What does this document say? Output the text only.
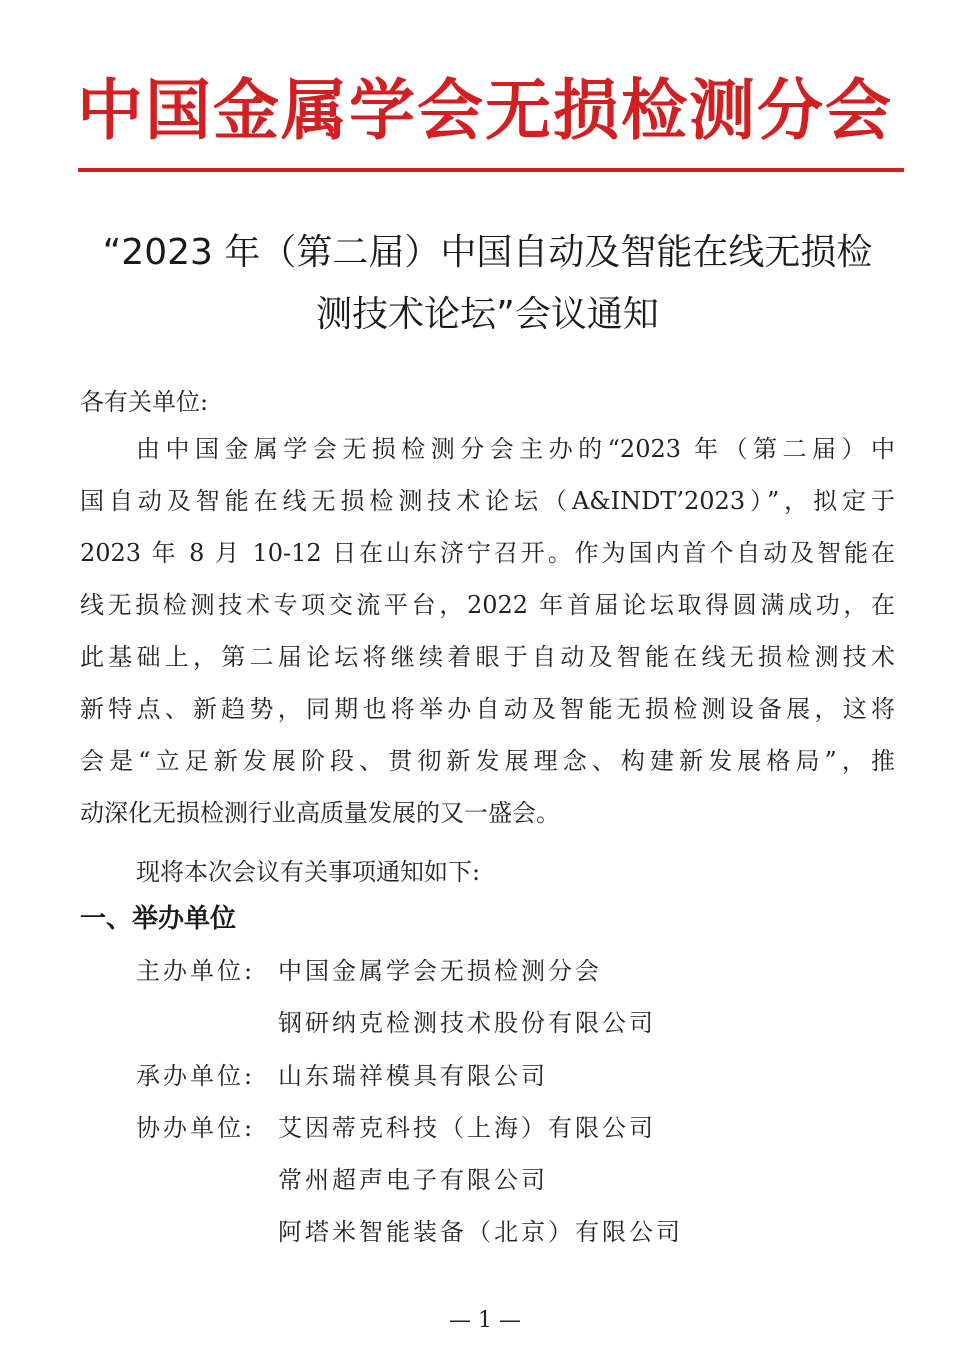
中国金属学会无损检测分会
“2023 年（第二届）中国自动及智能在线无损检
测技术论坛”会议通知
各有关单位:
由中国金属学会无损检测分会主办的“2023 年（第二届）中
国自动及智能在线无损检测技术论坛（A&INDT’2023）”，拟定于
2023 年 8 月 10-12 日在山东济宁召开。作为国内首个自动及智能在
线无损检测技术专项交流平台，2022 年首届论坛取得圆满成功，在
此基础上，第二届论坛将继续着眼于自动及智能在线无损检测技术
新特点、新趋势，同期也将举办自动及智能无损检测设备展，这将
会是“立足新发展阶段、贯彻新发展理念、构建新发展格局”，推
动深化无损检测行业高质量发展的又一盛会。
现将本次会议有关事项通知如下:
一、举办单位
主办单位: 中国金属学会无损检测分会
钢研纳克检测技术股份有限公司
承办单位: 山东瑞祥模具有限公司
协办单位: 艾因蒂克科技（上海）有限公司
常州超声电子有限公司
阿塔米智能装备（北京）有限公司
— 1 —
